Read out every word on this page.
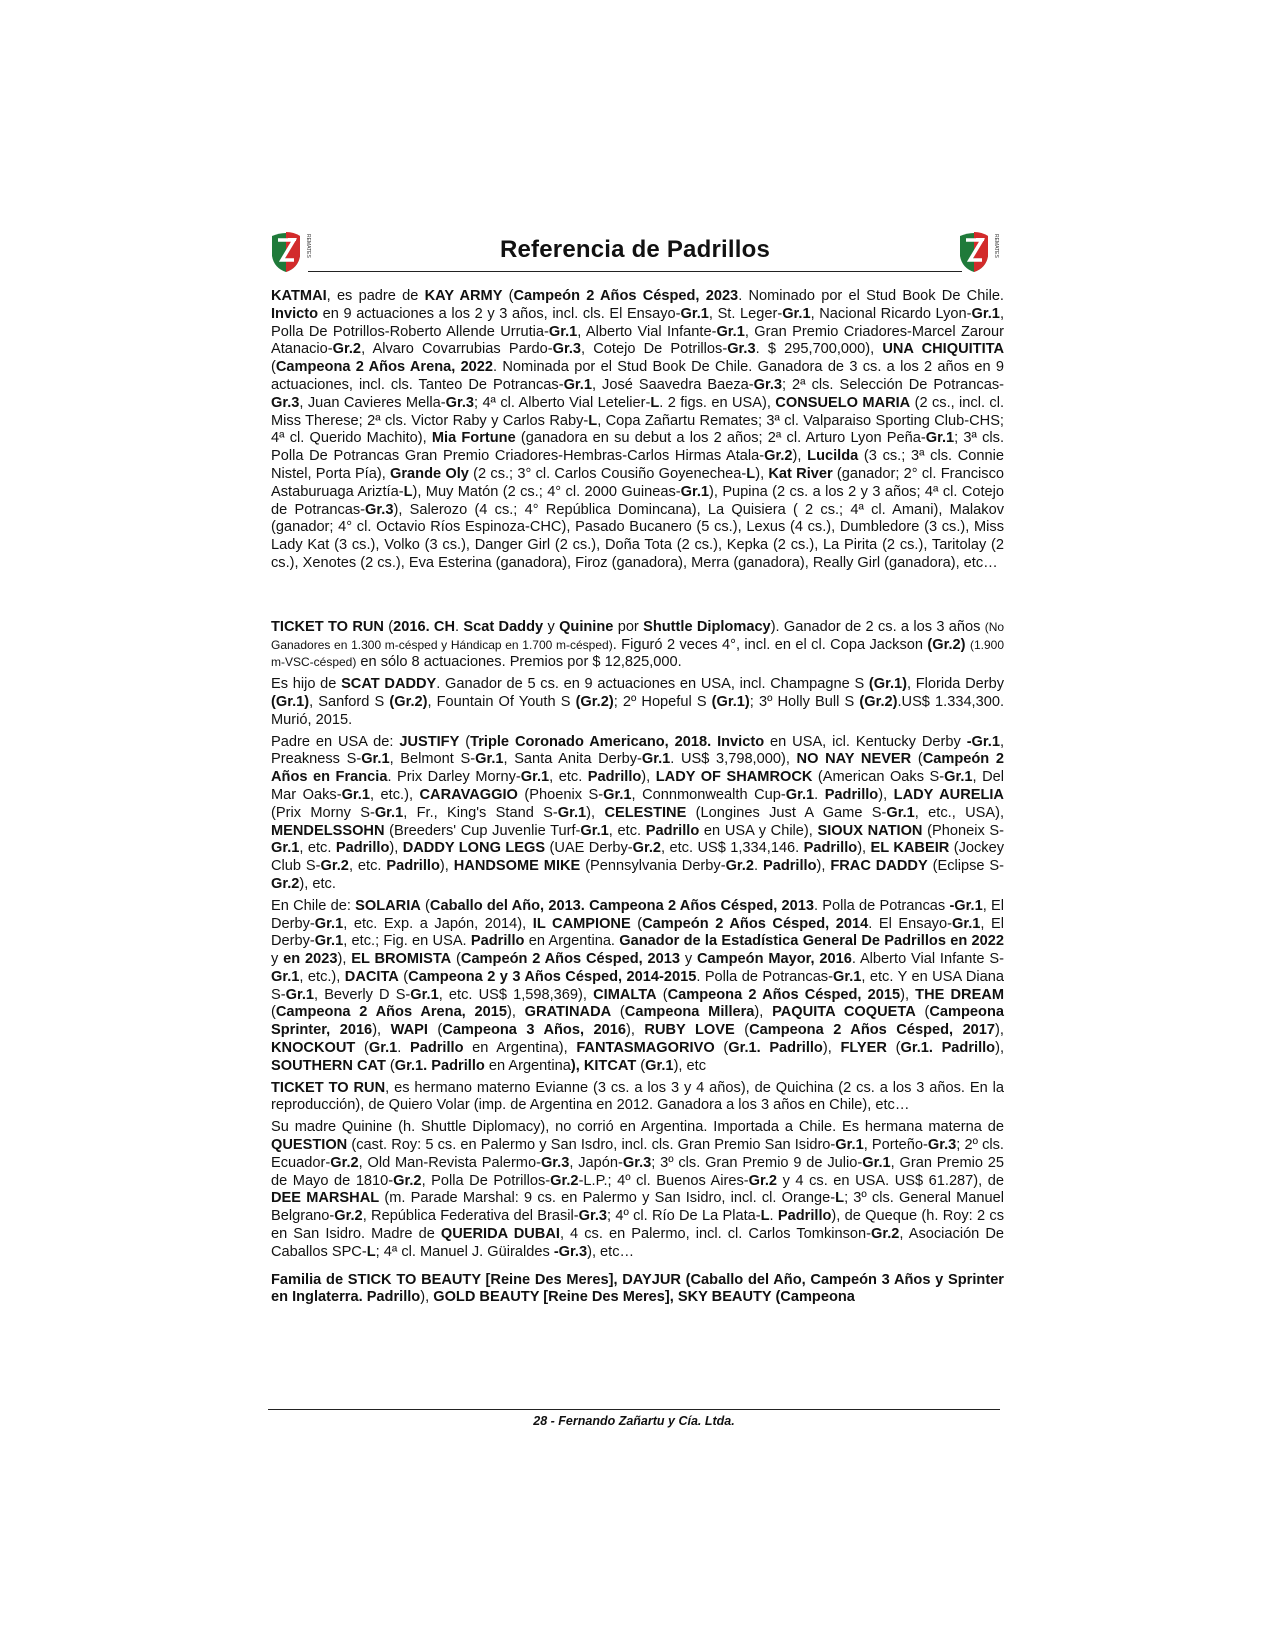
REMATES	Referencia de Padrillos	REMATES

KATMAI, es padre de KAY ARMY (Campeón 2 Años Césped, 2023. Nominado por el Stud Book De Chile. Invicto en 9 actuaciones a los 2 y 3 años, incl. cls. El Ensayo-Gr.1, St. Leger-Gr.1, Nacional Ricardo Lyon-Gr.1, Polla De Potrillos-Roberto Allende Urrutia-Gr.1, Alberto Vial Infante-Gr.1, Gran Premio Criadores-Marcel Zarour Atanacio-Gr.2, Alvaro Covarrubias Pardo-Gr.3, Cotejo De Potrillos-Gr.3. $ 295,700,000), UNA CHIQUITITA (Campeona 2 Años Arena, 2022. Nominada por el Stud Book De Chile. Ganadora de 3 cs. a los 2 años en 9 actuaciones, incl. cls. Tanteo De Potrancas-Gr.1, José Saavedra Baeza-Gr.3; 2ª cls. Selección De Potrancas-Gr.3, Juan Cavieres Mella-Gr.3; 4ª cl. Alberto Vial Letelier-L. 2 figs. en USA), CONSUELO MARIA (2 cs., incl. cl. Miss Therese; 2ª cls. Victor Raby y Carlos Raby-L, Copa Zañartu Remates; 3ª cl. Valparaiso Sporting Club-CHS; 4ª cl. Querido Machito), Mia Fortune (ganadora en su debut a los 2 años; 2ª cl. Arturo Lyon Peña-Gr.1; 3ª cls. Polla De Potrancas Gran Premio Criadores-Hembras-Carlos Hirmas Atala-Gr.2), Lucilda (3 cs.; 3ª cls. Connie Nistel, Porta Pía), Grande Oly (2 cs.; 3° cl. Carlos Cousiño Goyenechea-L), Kat River (ganador; 2° cl. Francisco Astaburuaga Ariztía-L), Muy Matón (2 cs.; 4° cl. 2000 Guineas-Gr.1), Pupina (2 cs. a los 2 y 3 años; 4ª cl. Cotejo de Potrancas-Gr.3), Salerozo (4 cs.; 4° República Domincana), La Quisiera ( 2 cs.; 4ª cl. Amani), Malakov (ganador; 4° cl. Octavio Ríos Espinoza-CHC), Pasado Bucanero (5 cs.), Lexus (4 cs.), Dumbledore (3 cs.), Miss Lady Kat (3 cs.), Volko (3 cs.), Danger Girl (2 cs.), Doña Tota (2 cs.), Kepka (2 cs.), La Pirita (2 cs.), Taritolay (2 cs.), Xenotes (2 cs.), Eva Esterina (ganadora), Firoz (ganadora), Merra (ganadora), Really Girl (ganadora), etc…

TICKET TO RUN (2016. CH. Scat Daddy y Quinine por Shuttle Diplomacy). Ganador de 2 cs. a los 3 años (No Ganadores en 1.300 m-césped y Hándicap en 1.700 m-césped). Figuró 2 veces 4°, incl. en el cl. Copa Jackson (Gr.2) (1.900 m-VSC-césped) en sólo 8 actuaciones. Premios por $ 12,825,000.

Es hijo de SCAT DADDY. Ganador de 5 cs. en 9 actuaciones en USA, incl. Champagne S (Gr.1), Florida Derby (Gr.1), Sanford S (Gr.2), Fountain Of Youth S (Gr.2); 2º Hopeful S (Gr.1); 3º Holly Bull S (Gr.2).US$ 1.334,300. Murió, 2015.

Padre en USA de: JUSTIFY (Triple Coronado Americano, 2018. Invicto en USA, icl. Kentucky Derby -Gr.1, Preakness S-Gr.1, Belmont S-Gr.1, Santa Anita Derby-Gr.1. US$ 3,798,000), NO NAY NEVER (Campeón 2 Años en Francia. Prix Darley Morny-Gr.1, etc. Padrillo), LADY OF SHAMROCK (American Oaks S-Gr.1, Del Mar Oaks-Gr.1, etc.), CARAVAGGIO (Phoenix S-Gr.1, Connmonwealth Cup-Gr.1. Padrillo), LADY AURELIA (Prix Morny S-Gr.1, Fr., King's Stand S-Gr.1), CELESTINE (Longines Just A Game S-Gr.1, etc., USA), MENDELSSOHN (Breeders' Cup Juvenlie Turf-Gr.1, etc. Padrillo en USA y Chile), SIOUX NATION (Phoneix S-Gr.1, etc. Padrillo), DADDY LONG LEGS (UAE Derby-Gr.2, etc. US$ 1,334,146. Padrillo), EL KABEIR (Jockey Club S-Gr.2, etc. Padrillo), HANDSOME MIKE (Pennsylvania Derby-Gr.2. Padrillo), FRAC DADDY (Eclipse S-Gr.2), etc.

En Chile de: SOLARIA (Caballo del Año, 2013. Campeona 2 Años Césped, 2013. Polla de Potrancas -Gr.1, El Derby-Gr.1, etc. Exp. a Japón, 2014), IL CAMPIONE (Campeón 2 Años Césped, 2014. El Ensayo-Gr.1, El Derby-Gr.1, etc.; Fig. en USA. Padrillo en Argentina. Ganador de la Estadística General De Padrillos en 2022 y en 2023), EL BROMISTA (Campeón 2 Años Césped, 2013 y Campeón Mayor, 2016. Alberto Vial Infante S-Gr.1, etc.), DACITA (Campeona 2 y 3 Años Césped, 2014-2015. Polla de Potrancas-Gr.1, etc. Y en USA Diana S-Gr.1, Beverly D S-Gr.1, etc. US$ 1,598,369), CIMALTA (Campeona 2 Años Césped, 2015), THE DREAM (Campeona 2 Años Arena, 2015), GRATINADA (Campeona Millera), PAQUITA COQUETA (Campeona Sprinter, 2016), WAPI (Campeona 3 Años, 2016), RUBY LOVE (Campeona 2 Años Césped, 2017), KNOCKOUT (Gr.1. Padrillo en Argentina), FANTASMAGORIVO (Gr.1. Padrillo), FLYER (Gr.1. Padrillo), SOUTHERN CAT (Gr.1. Padrillo en Argentina), KITCAT (Gr.1), etc

TICKET TO RUN, es hermano materno Evianne (3 cs. a los 3 y 4 años), de Quichina (2 cs. a los 3 años. En la reproducción), de Quiero Volar (imp. de Argentina en 2012. Ganadora a los 3 años en Chile), etc…

Su madre Quinine (h. Shuttle Diplomacy), no corrió en Argentina. Importada a Chile. Es hermana materna de QUESTION (cast. Roy: 5 cs. en Palermo y San Isdro, incl. cls. Gran Premio San Isidro-Gr.1, Porteño-Gr.3; 2º cls. Ecuador-Gr.2, Old Man-Revista Palermo-Gr.3, Japón-Gr.3; 3º cls. Gran Premio 9 de Julio-Gr.1, Gran Premio 25 de Mayo de 1810-Gr.2, Polla De Potrillos-Gr.2-L.P.; 4º cl. Buenos Aires-Gr.2 y 4 cs. en USA. US$ 61.287), de DEE MARSHAL (m. Parade Marshal: 9 cs. en Palermo y San Isidro, incl. cl. Orange-L; 3º cls. General Manuel Belgrano-Gr.2, República Federativa del Brasil-Gr.3; 4º cl. Río De La Plata-L. Padrillo), de Queque (h. Roy: 2 cs en San Isidro. Madre de QUERIDA DUBAI, 4 cs. en Palermo, incl. cl. Carlos Tomkinson-Gr.2, Asociación De Caballos SPC-L; 4ª cl. Manuel J. Güiraldes -Gr.3), etc…

Familia de STICK TO BEAUTY [Reine Des Meres], DAYJUR (Caballo del Año, Campeón 3 Años y Sprinter en Inglaterra. Padrillo), GOLD BEAUTY [Reine Des Meres], SKY BEAUTY (Campeona

28 - Fernando Zañartu y Cía. Ltda.
